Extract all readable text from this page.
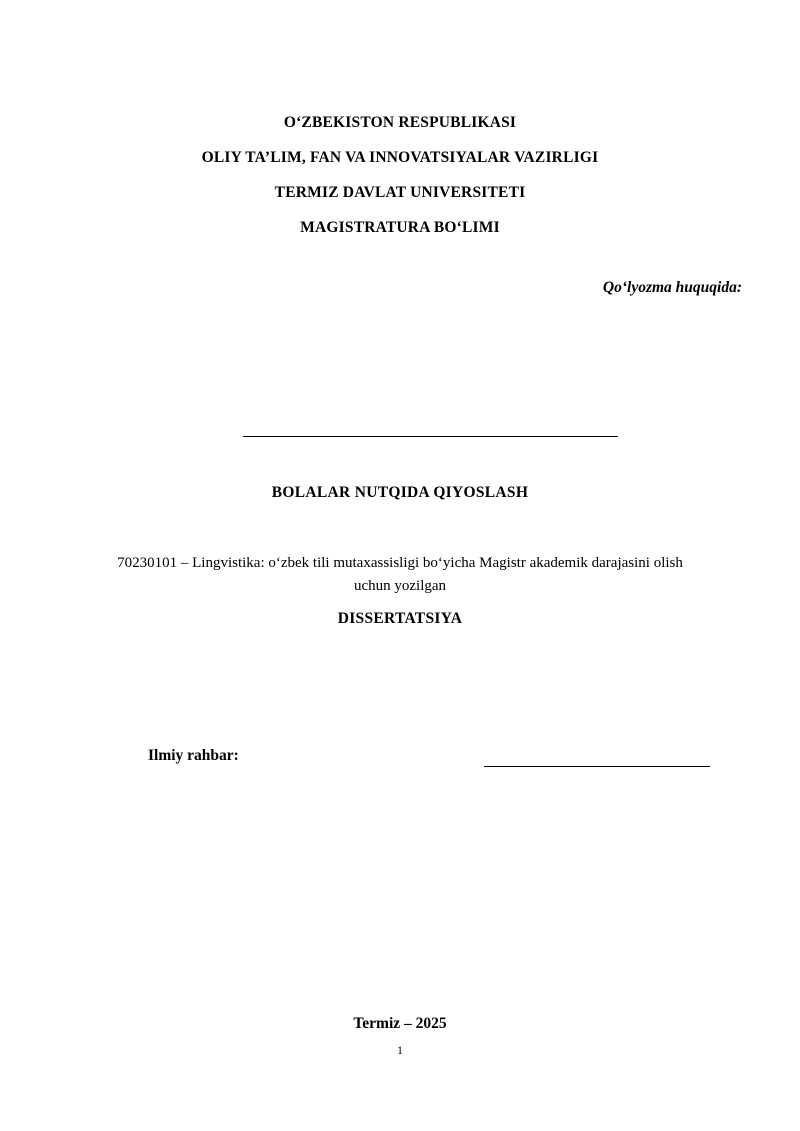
O‘ZBEKISTON RESPUBLIKASI
OLIY TA’LIM, FAN VA INNOVATSIYALAR VAZIRLIGI
TERMIZ DAVLAT UNIVERSITETI
MAGISTRATURA BO‘LIMI
Qo‘lyozma huquqida:
BOLALAR NUTQIDA QIYOSLASH
70230101 – Lingvistika: o‘zbek tili mutaxassisligi bo‘yicha Magistr akademik darajasini olish uchun yozilgan
DISSERTATSIYA
Ilmiy rahbar:
Termiz – 2025
1
